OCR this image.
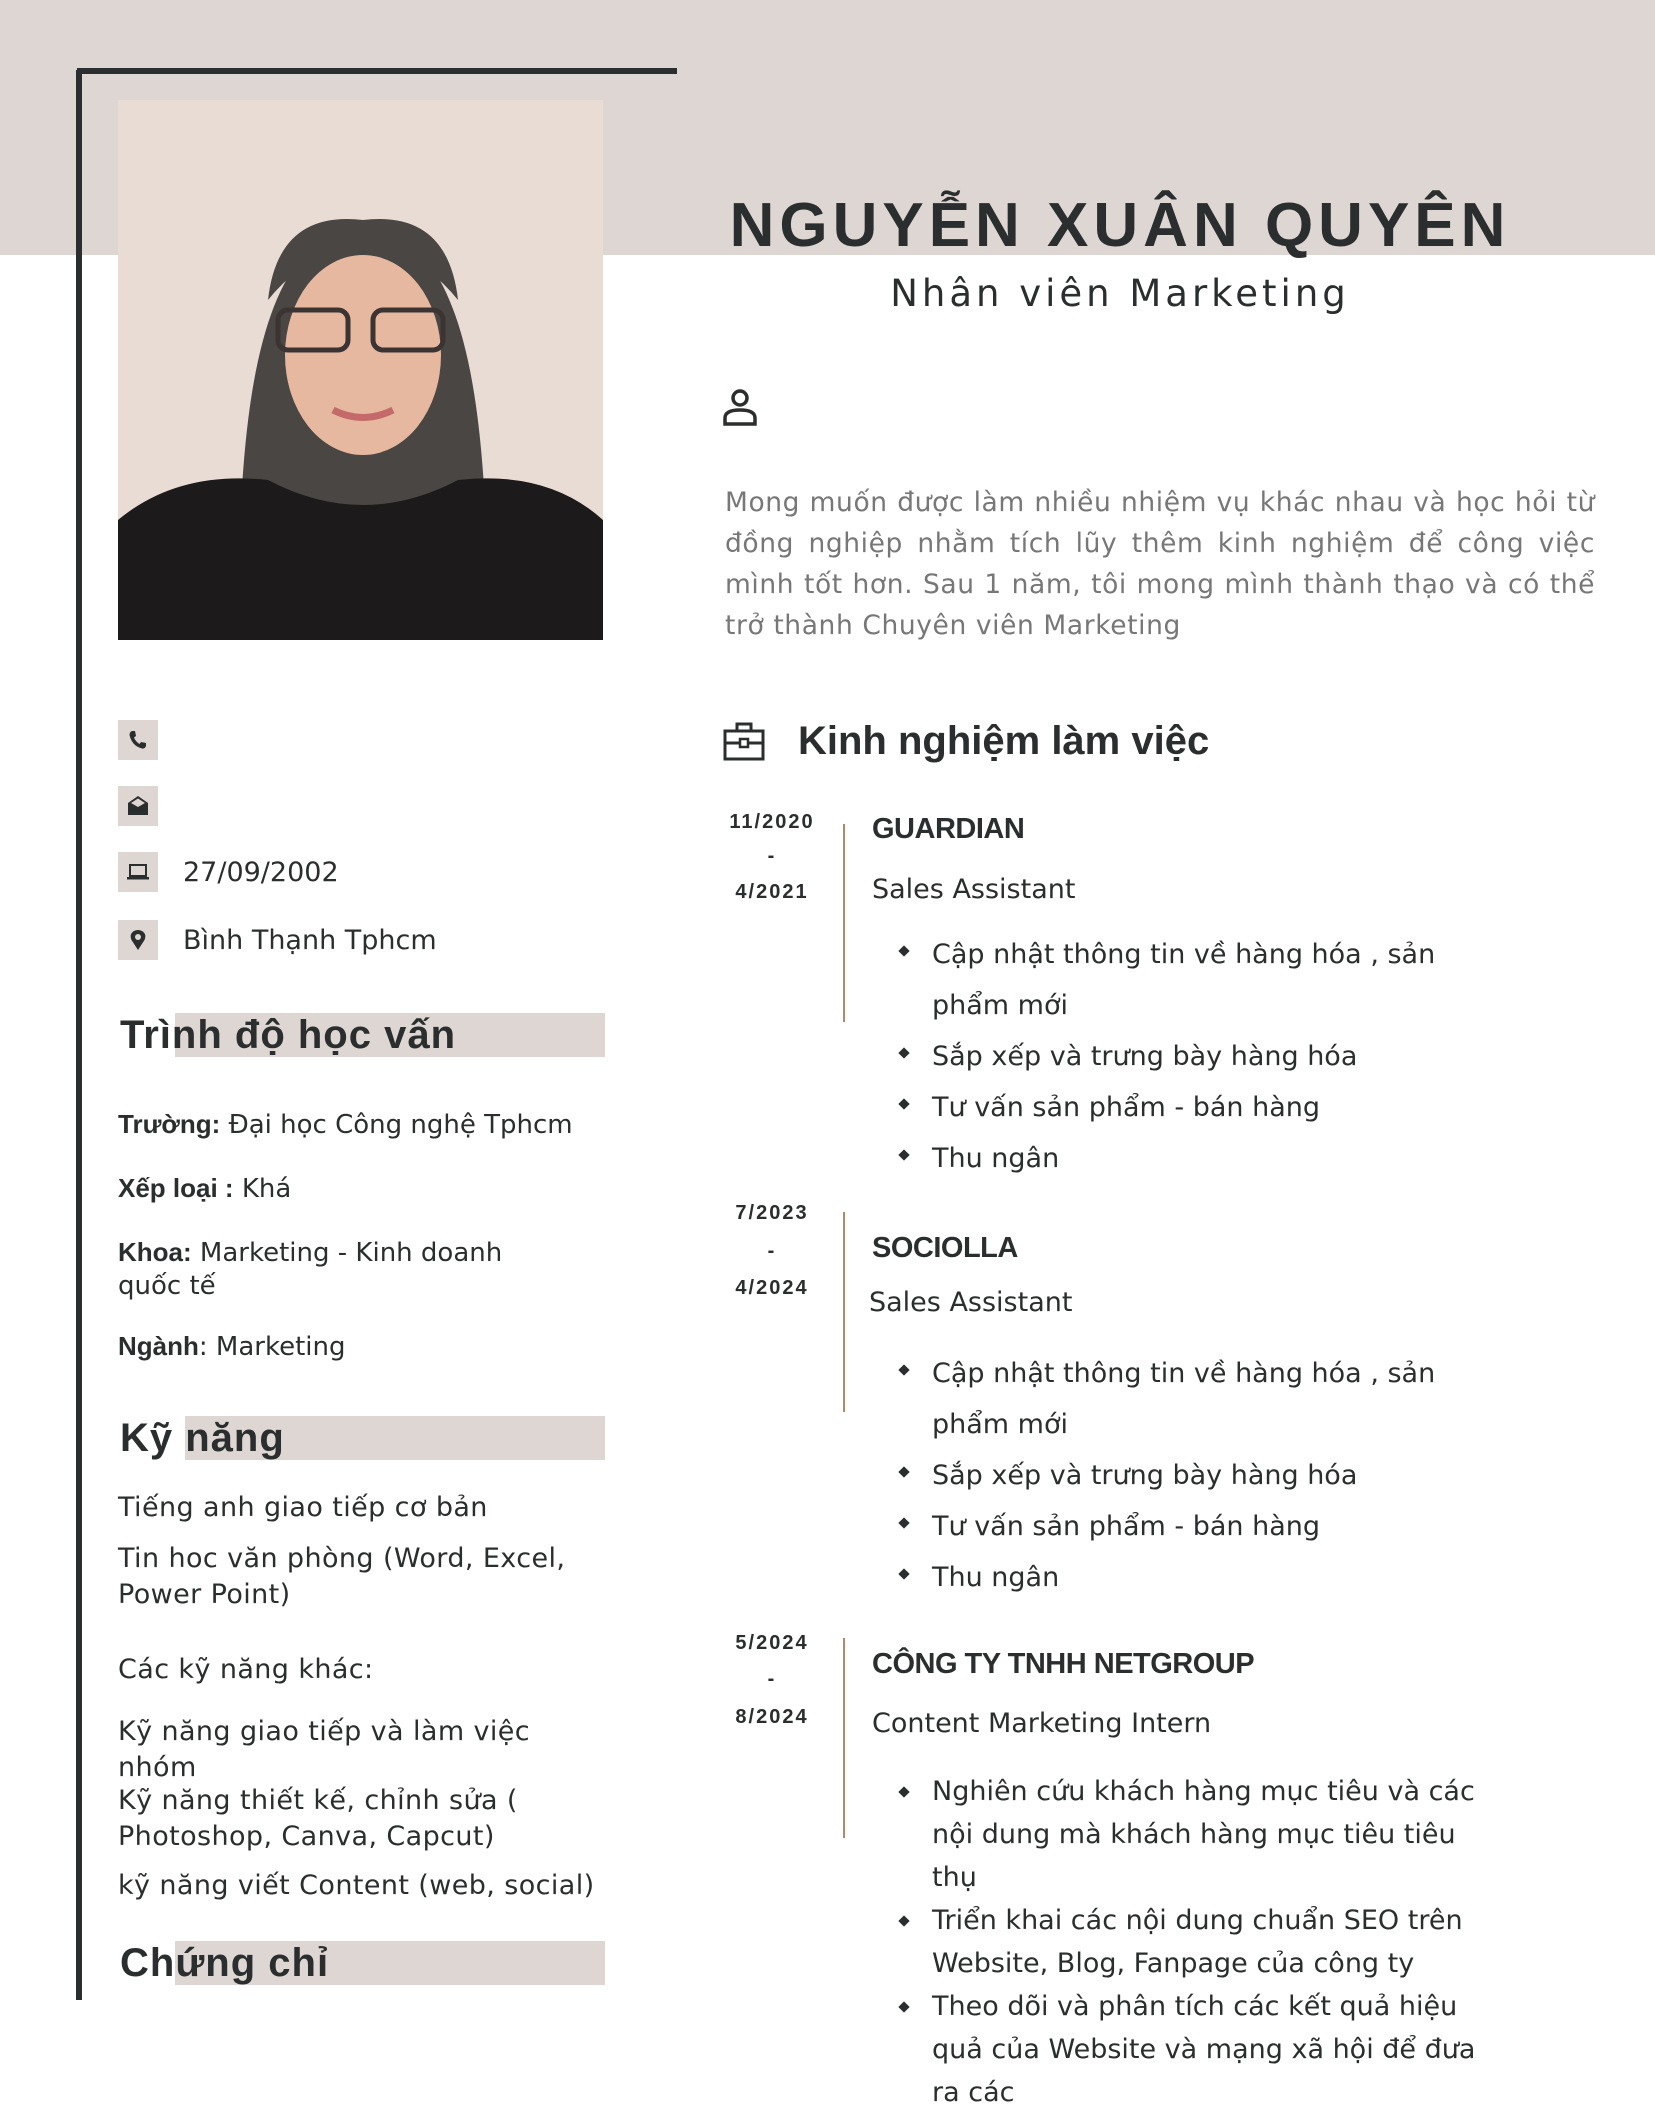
NGUYỄN XUÂN QUYÊN
Nhân viên Marketing

Mong muốn được làm nhiều nhiệm vụ khác nhau và học hỏi từ đồng nghiệp nhằm tích lũy thêm kinh nghiệm để công việc mình tốt hơn. Sau 1 năm, tôi mong mình thành thạo và có thể trở thành Chuyên viên Marketing

27/09/2002
Bình Thạnh Tphcm
Trình độ học vấn
Trường: Đại học Công nghệ Tphcm
Xếp loại : Khá
Khoa: Marketing - Kinh doanh quốc tế
Ngành: Marketing
Kỹ năng
Tiếng anh giao tiếp cơ bản
Tin hoc văn phòng (Word, Excel, Power Point)
Các kỹ năng khác:
Kỹ năng giao tiếp và làm việc nhóm
Kỹ năng thiết kế, chỉnh sửa ( Photoshop, Canva, Capcut)
kỹ năng viết Content (web, social)
Chứng chỉ
Kinh nghiệm làm việc
11/2020
-
4/2021
GUARDIAN
Sales Assistant
Cập nhật thông tin về hàng hóa , sản phẩm mới
Sắp xếp và trưng bày hàng hóa
Tư vấn sản phẩm - bán hàng
Thu ngân
7/2023
-
4/2024
SOCIOLLA
Sales Assistant
Cập nhật thông tin về hàng hóa , sản phẩm mới
Sắp xếp và trưng bày hàng hóa
Tư vấn sản phẩm - bán hàng
Thu ngân
5/2024
-
8/2024
CÔNG TY TNHH NETGROUP
Content Marketing Intern
Nghiên cứu khách hàng mục tiêu và các nội dung mà khách hàng mục tiêu tiêu thụ
Triển khai các nội dung chuẩn SEO trên Website, Blog, Fanpage của công ty
Theo dõi và phân tích các kết quả hiệu quả của Website và mạng xã hội để đưa ra các
